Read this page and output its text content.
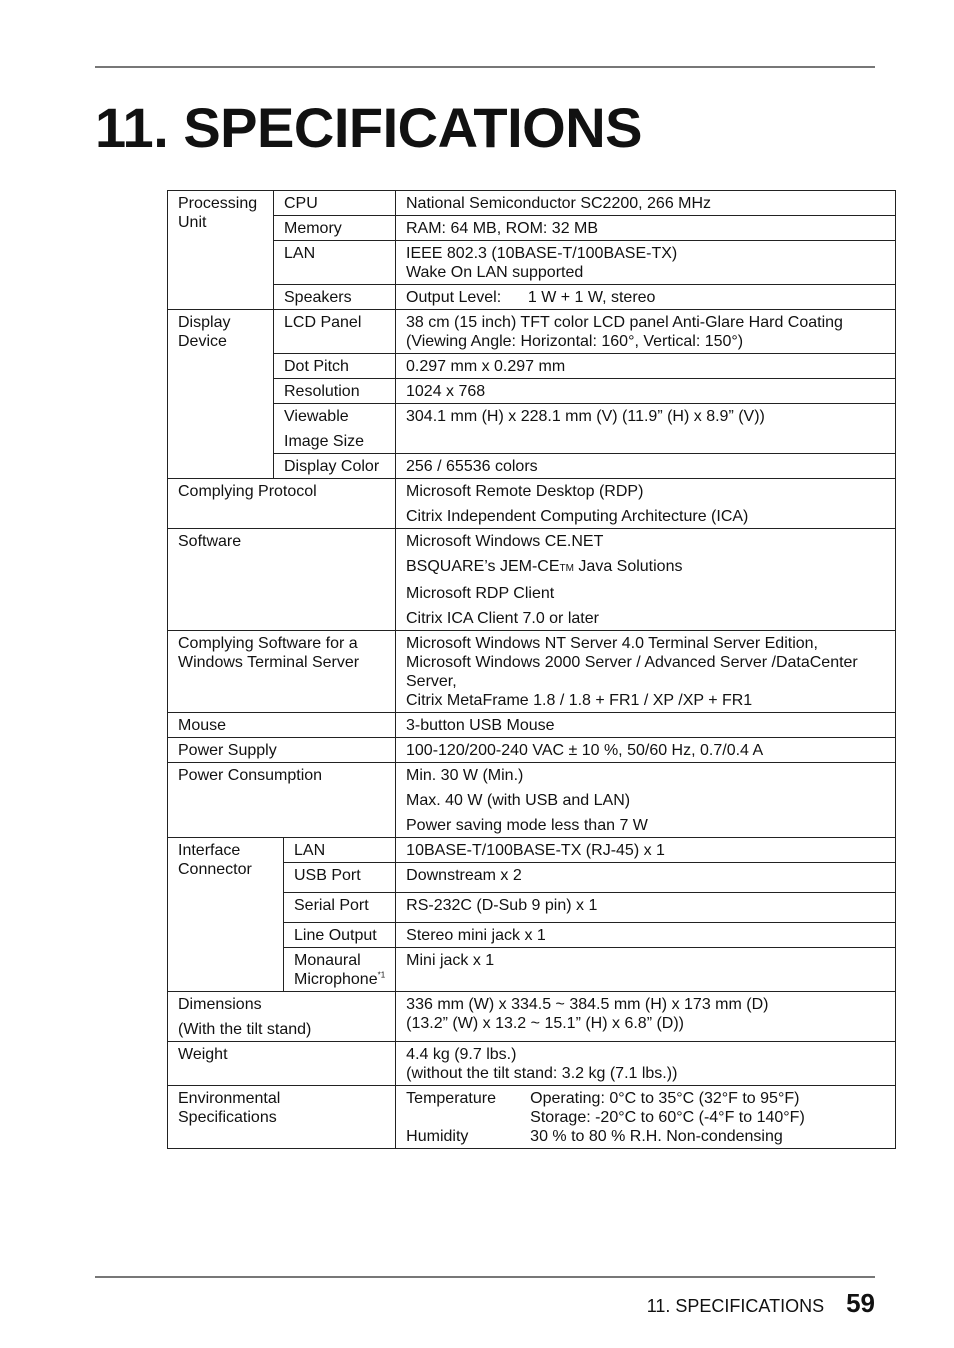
11. SPECIFICATIONS
Processing Unit	CPU	National Semiconductor SC2200, 266 MHz
	Memory	RAM: 64 MB, ROM: 32 MB
	LAN	IEEE 802.3 (10BASE-T/100BASE-TX)
Wake On LAN supported

	Speakers	Output Level:      1 W + 1 W, stereo
Display Device	LCD Panel	38 cm (15 inch) TFT color LCD panel Anti-Glare Hard Coating
(Viewing Angle: Horizontal: 160°, Vertical: 150°)

	Dot Pitch	0.297 mm x 0.297 mm
	Resolution	1024 x 768

	Viewable
Image Size	304.1 mm (H) x 228.1 mm (V) (11.9” (H) x 8.9” (V))
	Display Color	256 / 65536 colors
Complying Protocol		Microsoft Remote Desktop (RDP)
Citrix Independent Computing Architecture (ICA)

Software		Microsoft Windows CE.NET
BSQUARE’s JEM-CETM Java Solutions
Microsoft RDP Client
Citrix ICA Client 7.0 or later

Complying Software for a
Windows Terminal Server		Microsoft Windows NT Server 4.0 Terminal Server Edition,
Microsoft Windows 2000 Server / Advanced Server /DataCenter Server,
Citrix MetaFrame 1.8 / 1.8 + FR1 / XP /XP + FR1

Mouse		3-button USB Mouse
Power Supply		100-120/200-240 VAC ± 10 %, 50/60 Hz, 0.7/0.4 A
Power Consumption		Min. 30 W (Min.)
Max. 40 W (with USB and LAN)
Power saving mode less than 7 W
Interface Connector	LAN	10BASE-T/100BASE-TX (RJ-45) x 1
	USB Port	Downstream x 2
	Serial Port	RS-232C (D-Sub 9 pin) x 1
	Line Output	Stereo mini jack x 1

	Monaural
Microphone$^{*1}$	Mini jack x 1

Dimensions
(With the tilt stand)		336 mm (W) x 334.5 ~ 384.5 mm (H) x 173 mm (D)
(13.2” (W) x 13.2 ~ 15.1” (H) x 6.8” (D))

Weight		4.4 kg (9.7 lbs.)
(without the tilt stand: 3.2 kg (7.1 lbs.))

Environmental
Specifications		Temperature Operating: 0°C to 35°C (32°F to 95°F)
Storage: -20°C to 60°C (-4°F to 140°F)
Humidity 30 % to 80 % R.H. Non-condensing
11. SPECIFICATIONS 59
